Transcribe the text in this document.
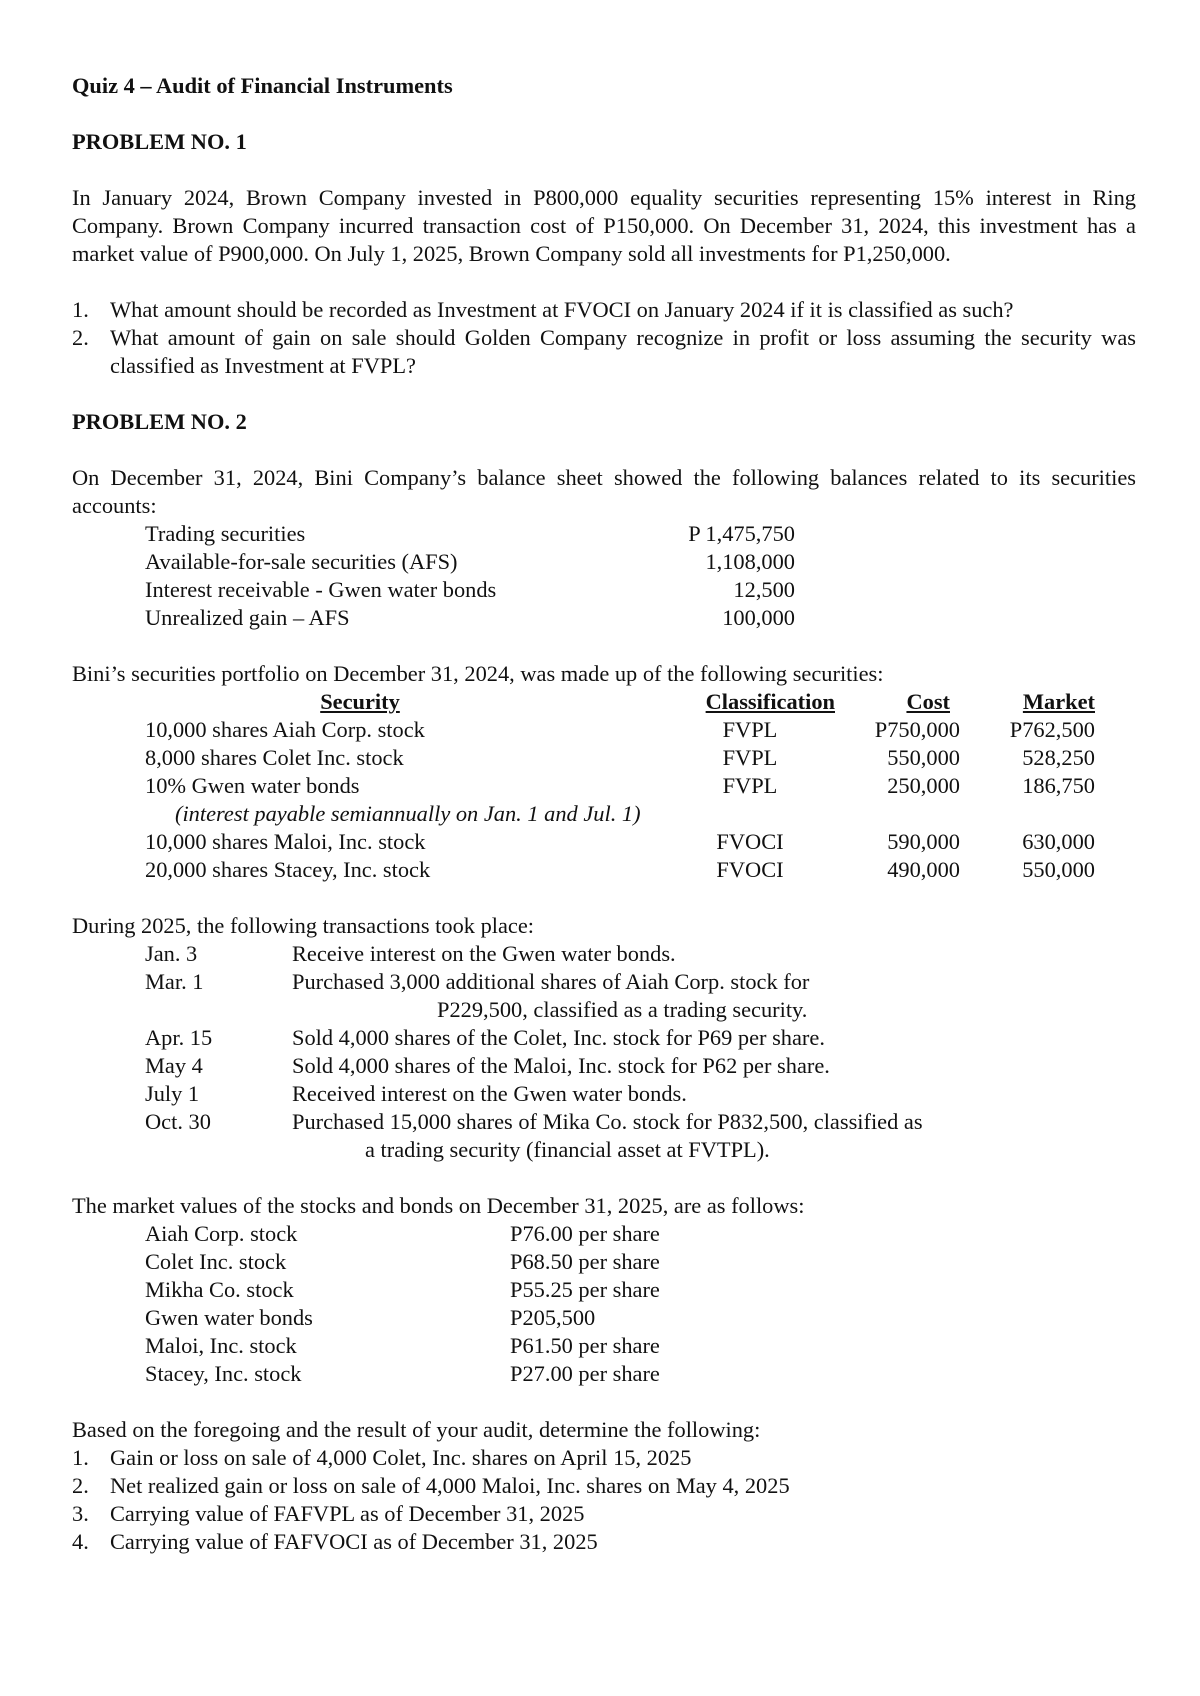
Quiz 4 – Audit of Financial Instruments

PROBLEM NO. 1

In January 2024, Brown Company invested in P800,000 equality securities representing 15% interest in Ring Company. Brown Company incurred transaction cost of P150,000. On December 31, 2024, this investment has a market value of P900,000. On July 1, 2025, Brown Company sold all investments for P1,250,000.

1. What amount should be recorded as Investment at FVOCI on January 2024 if it is classified as such?
2. What amount of gain on sale should Golden Company recognize in profit or loss assuming the security was classified as Investment at FVPL?

PROBLEM NO. 2

On December 31, 2024, Bini Company’s balance sheet showed the following balances related to its securities accounts:

Trading securities	P 1,475,750
Available-for-sale securities (AFS)	1,108,000
Interest receivable - Gwen water bonds	12,500
Unrealized gain – AFS	100,000

Bini’s securities portfolio on December 31, 2024, was made up of the following securities:

Security	Classification	Cost	Market
10,000 shares Aiah Corp. stock	FVPL	P750,000	P762,500
8,000 shares Colet Inc. stock	FVPL	550,000	528,250
10% Gwen water bonds	FVPL	250,000	186,750
(interest payable semiannually on Jan. 1 and Jul. 1)
10,000 shares Maloi, Inc. stock	FVOCI	590,000	630,000
20,000 shares Stacey, Inc. stock	FVOCI	490,000	550,000

During 2025, the following transactions took place:

Jan. 3	Receive interest on the Gwen water bonds.
Mar. 1	Purchased 3,000 additional shares of Aiah Corp. stock for
P229,500, classified as a trading security.
Apr. 15	Sold 4,000 shares of the Colet, Inc. stock for P69 per share.
May 4	Sold 4,000 shares of the Maloi, Inc. stock for P62 per share.
July 1	Received interest on the Gwen water bonds.
Oct. 30	Purchased 15,000 shares of Mika Co. stock for P832,500, classified as
a trading security (financial asset at FVTPL).

The market values of the stocks and bonds on December 31, 2025, are as follows:

Aiah Corp. stock	P76.00 per share
Colet Inc. stock	P68.50 per share
Mikha Co. stock	P55.25 per share
Gwen water bonds	P205,500
Maloi, Inc. stock	P61.50 per share
Stacey, Inc. stock	P27.00 per share

Based on the foregoing and the result of your audit, determine the following:

1. Gain or loss on sale of 4,000 Colet, Inc. shares on April 15, 2025
2. Net realized gain or loss on sale of 4,000 Maloi, Inc. shares on May 4, 2025
3. Carrying value of FAFVPL as of December 31, 2025
4. Carrying value of FAFVOCI as of December 31, 2025
